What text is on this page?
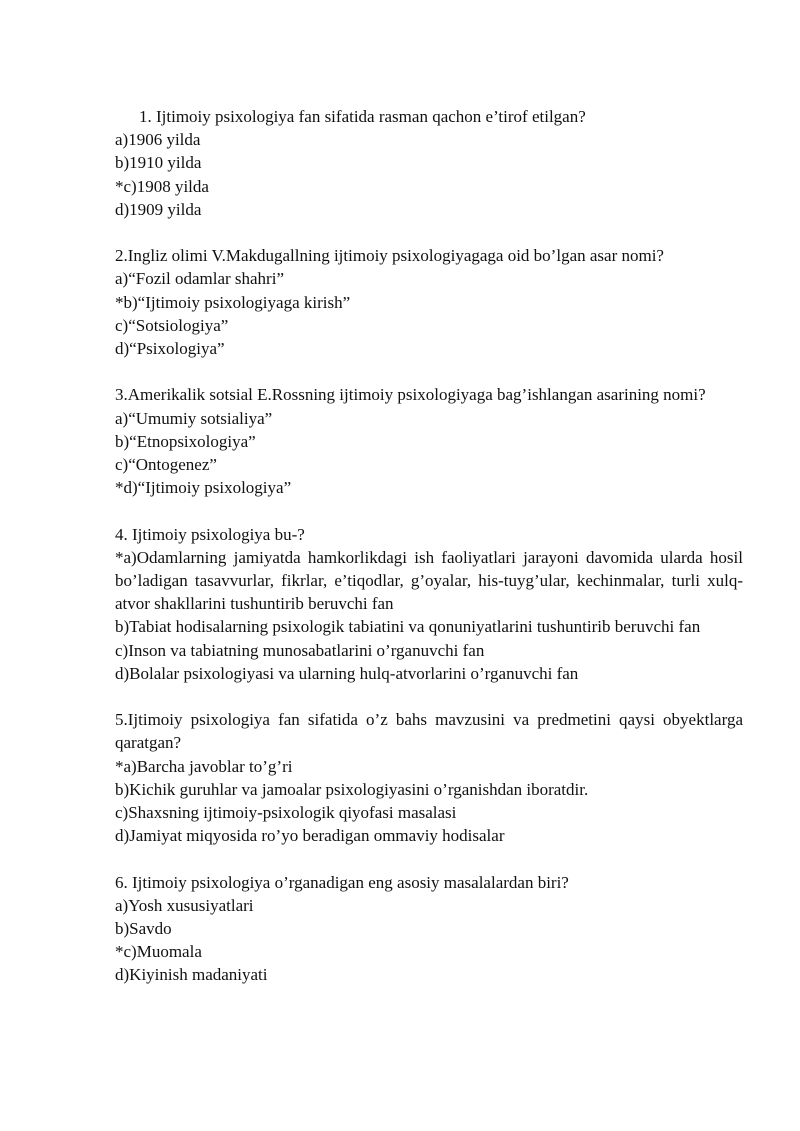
1. Ijtimoiy psixologiya fan sifatida rasman qachon e’tirof etilgan?

a)1906 yilda

b)1910 yilda

*c)1908 yilda

d)1909 yilda

2.Ingliz olimi V.Makdugallning ijtimoiy psixologiyagaga oid bo’lgan asar nomi?

a)“Fozil odamlar shahri”

*b)“Ijtimoiy psixologiyaga kirish”

c)“Sotsiologiya”

d)“Psixologiya”

3.Amerikalik sotsial E.Rossning ijtimoiy psixologiyaga bag’ishlangan asarining nomi?

a)“Umumiy sotsialiya”

b)“Etnopsixologiya”

c)“Ontogenez”

*d)“Ijtimoiy psixologiya”

4. Ijtimoiy psixologiya bu-?

*a)Odamlarning jamiyatda hamkorlikdagi ish faoliyatlari jarayoni davomida ularda hosil bo’ladigan tasavvurlar, fikrlar, e’tiqodlar, g’oyalar, his-tuyg’ular, kechinmalar, turli xulq-atvor shakllarini tushuntirib beruvchi fan

b)Tabiat hodisalarning psixologik tabiatini va qonuniyatlarini tushuntirib beruvchi fan

c)Inson va tabiatning munosabatlarini o’rganuvchi fan

d)Bolalar psixologiyasi va ularning hulq-atvorlarini o’rganuvchi fan

5.Ijtimoiy psixologiya fan sifatida o’z bahs mavzusini va predmetini qaysi obyektlarga qaratgan?

*a)Barcha javoblar to’g’ri

b)Kichik guruhlar va jamoalar psixologiyasini o’rganishdan iboratdir.

c)Shaxsning ijtimoiy-psixologik qiyofasi masalasi

d)Jamiyat miqyosida ro’yo beradigan ommaviy hodisalar

6. Ijtimoiy psixologiya o’rganadigan eng asosiy masalalardan biri?

a)Yosh xususiyatlari

b)Savdo

*c)Muomala

d)Kiyinish madaniyati
